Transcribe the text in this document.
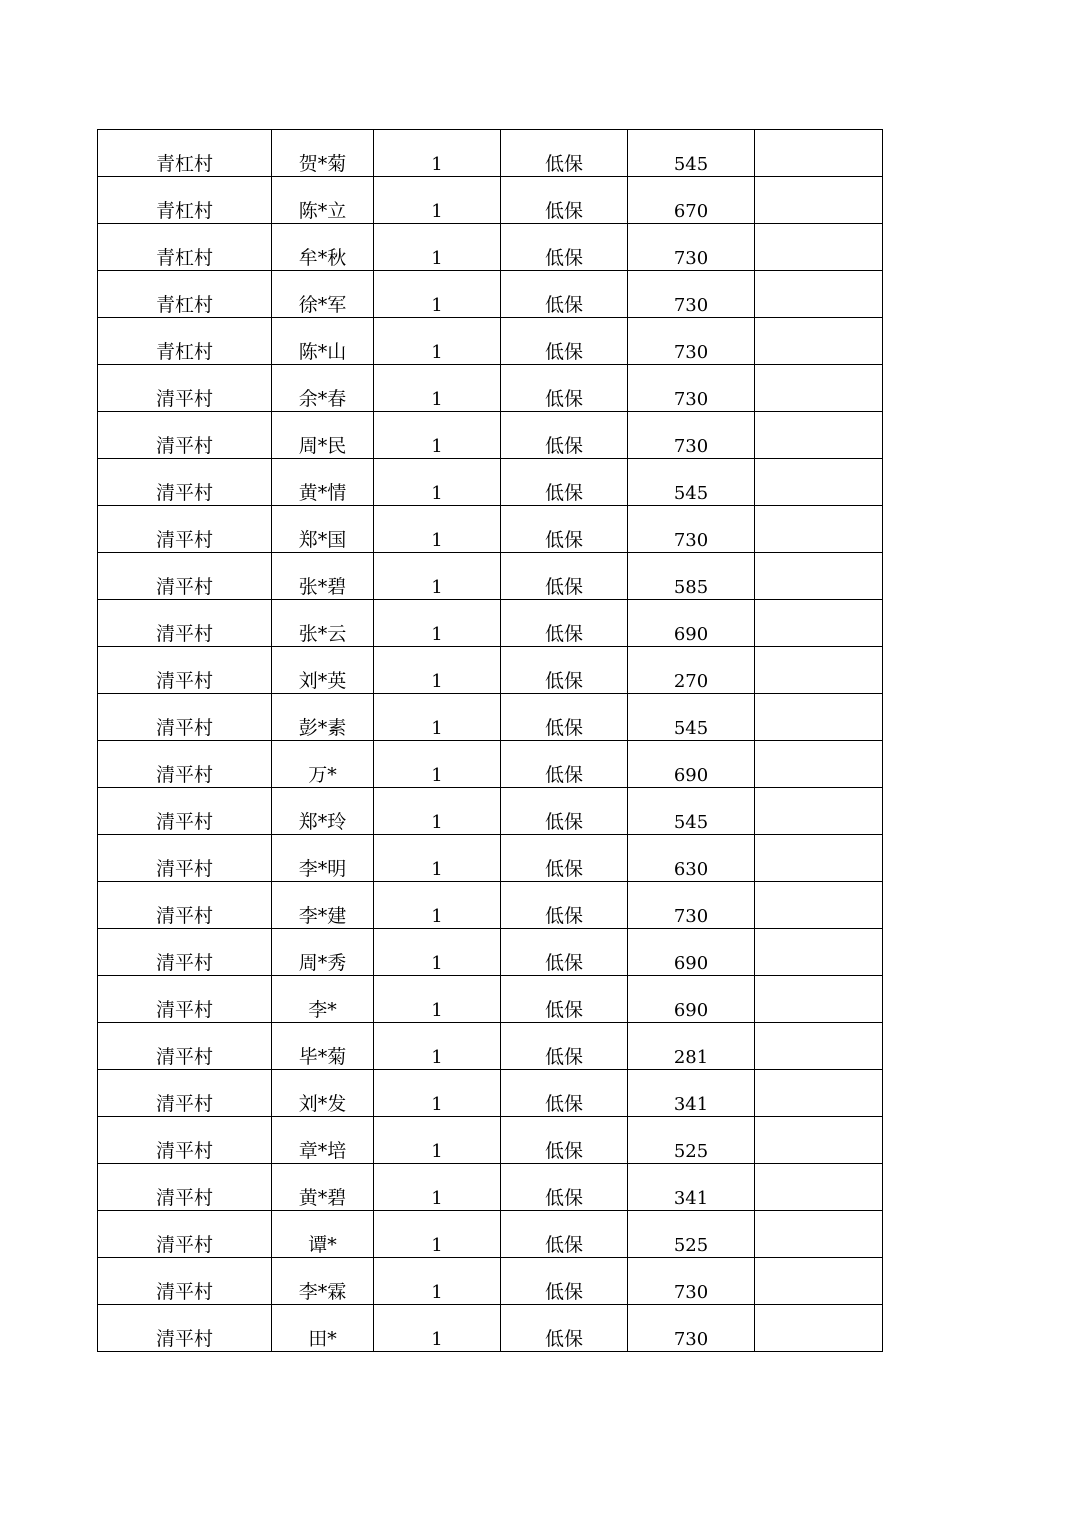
青杠村	贺*菊	1	低保	545	
青杠村	陈*立	1	低保	670	
青杠村	牟*秋	1	低保	730	
青杠村	徐*军	1	低保	730	
青杠村	陈*山	1	低保	730	
清平村	余*春	1	低保	730	
清平村	周*民	1	低保	730	
清平村	黄*情	1	低保	545	
清平村	郑*国	1	低保	730	
清平村	张*碧	1	低保	585	
清平村	张*云	1	低保	690	
清平村	刘*英	1	低保	270	
清平村	彭*素	1	低保	545	
清平村	万*	1	低保	690	
清平村	郑*玲	1	低保	545	
清平村	李*明	1	低保	630	
清平村	李*建	1	低保	730	
清平村	周*秀	1	低保	690	
清平村	李*	1	低保	690	
清平村	毕*菊	1	低保	281	
清平村	刘*发	1	低保	341	
清平村	章*培	1	低保	525	
清平村	黄*碧	1	低保	341	
清平村	谭*	1	低保	525	
清平村	李*霖	1	低保	730	
清平村	田*	1	低保	730	
